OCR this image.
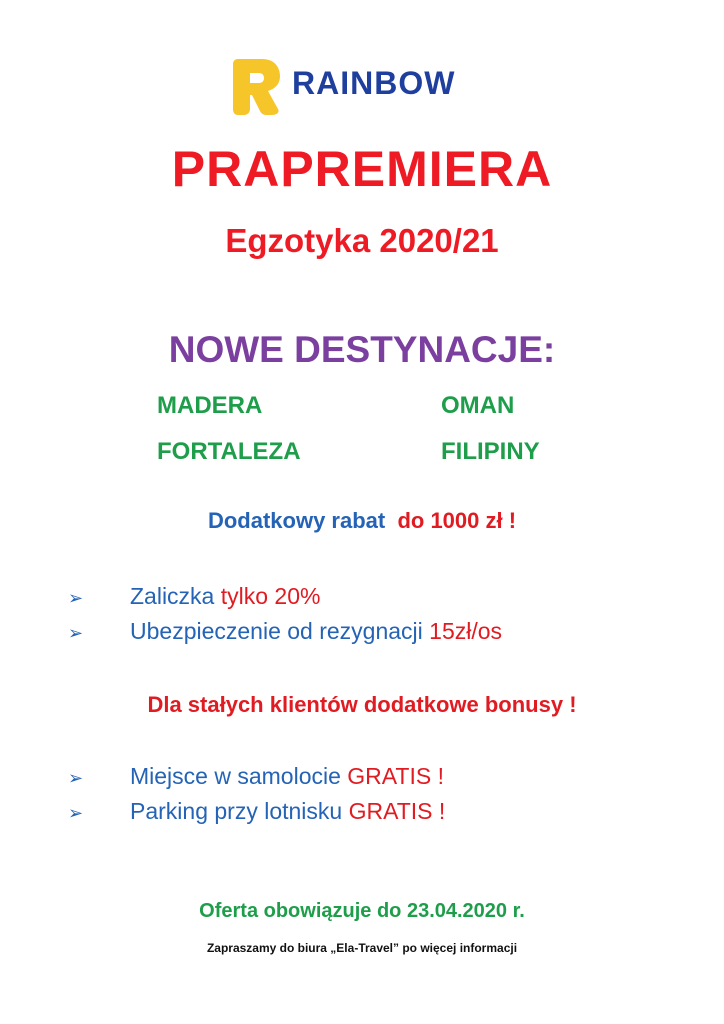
RAINBOW
PRAPREMIERA
Egzotyka 2020/21
NOWE DESTYNACJE:
MADERA	OMAN
FORTALEZA	FILIPINY
Dodatkowy rabat do 1000 zł !
➢ Zaliczka tylko 20%
➢ Ubezpieczenie od rezygnacji 15zł/os
Dla stałych klientów dodatkowe bonusy !
➢ Miejsce w samolocie GRATIS !
➢ Parking przy lotnisku GRATIS !
Oferta obowiązuje do 23.04.2020 r.
Zapraszamy do biura „Ela-Travel” po więcej informacji
